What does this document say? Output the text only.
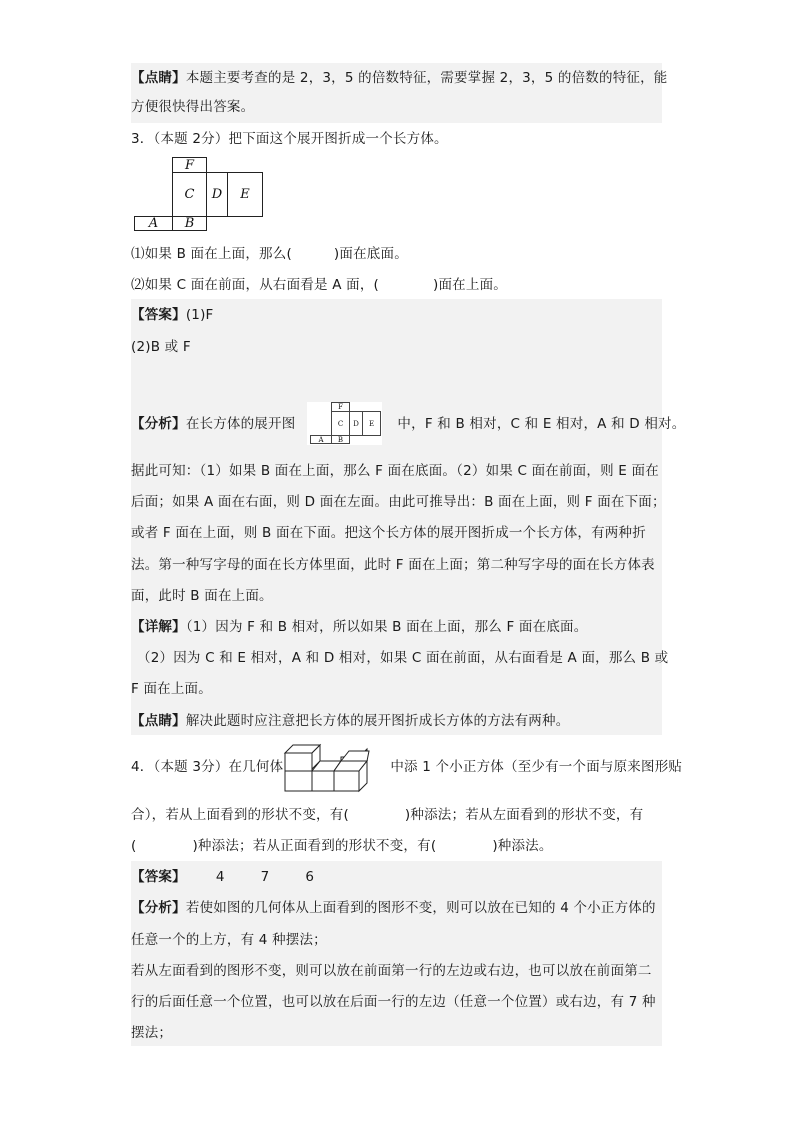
【点睛】本题主要考查的是 2，3，5 的倍数特征，需要掌握 2，3，5 的倍数的特征，能
方便很快得出答案。
3．（本题 2分）把下面这个展开图折成一个长方体。
F
C	D	E
A	B
⑴如果 B 面在上面，那么(	)面在底面。
⑵如果 C 面在前面，从右面看是 A 面，(	)面在上面。
【答案】(1)F
(2)B 或 F
【分析】在长方体的展开图	中，F 和 B 相对，C 和 E 相对，A 和 D 相对。
F
C	D	E
A	B
据此可知：（1）如果 B 面在上面，那么 F 面在底面。（2）如果 C 面在前面，则 E 面在
后面；如果 A 面在右面，则 D 面在左面。由此可推导出：B 面在上面，则 F 面在下面；
或者 F 面在上面，则 B 面在下面。把这个长方体的展开图折成一个长方体，有两种折
法。第一种写字母的面在长方体里面，此时 F 面在上面；第二种写字母的面在长方体表
面，此时 B 面在上面。
【详解】（1）因为 F 和 B 相对，所以如果 B 面在上面，那么 F 面在底面。
（2）因为 C 和 E 相对，A 和 D 相对，如果 C 面在前面，从右面看是 A 面，那么 B 或
F 面在上面。
【点睛】解决此题时应注意把长方体的展开图折成长方体的方法有两种。
4．（本题 3分）在几何体	中添 1 个小正方体（至少有一个面与原来图形贴
合），若从上面看到的形状不变，有(	)种添法；若从左面看到的形状不变，有
(	)种添法；若从正面看到的形状不变，有(	)种添法。
【答案】 4	7	6
【分析】若使如图的几何体从上面看到的图形不变，则可以放在已知的 4 个小正方体的
任意一个的上方，有 4 种摆法；
若从左面看到的图形不变，则可以放在前面第一行的左边或右边，也可以放在前面第二
行的后面任意一个位置，也可以放在后面一行的左边（任意一个位置）或右边，有 7 种
摆法；
